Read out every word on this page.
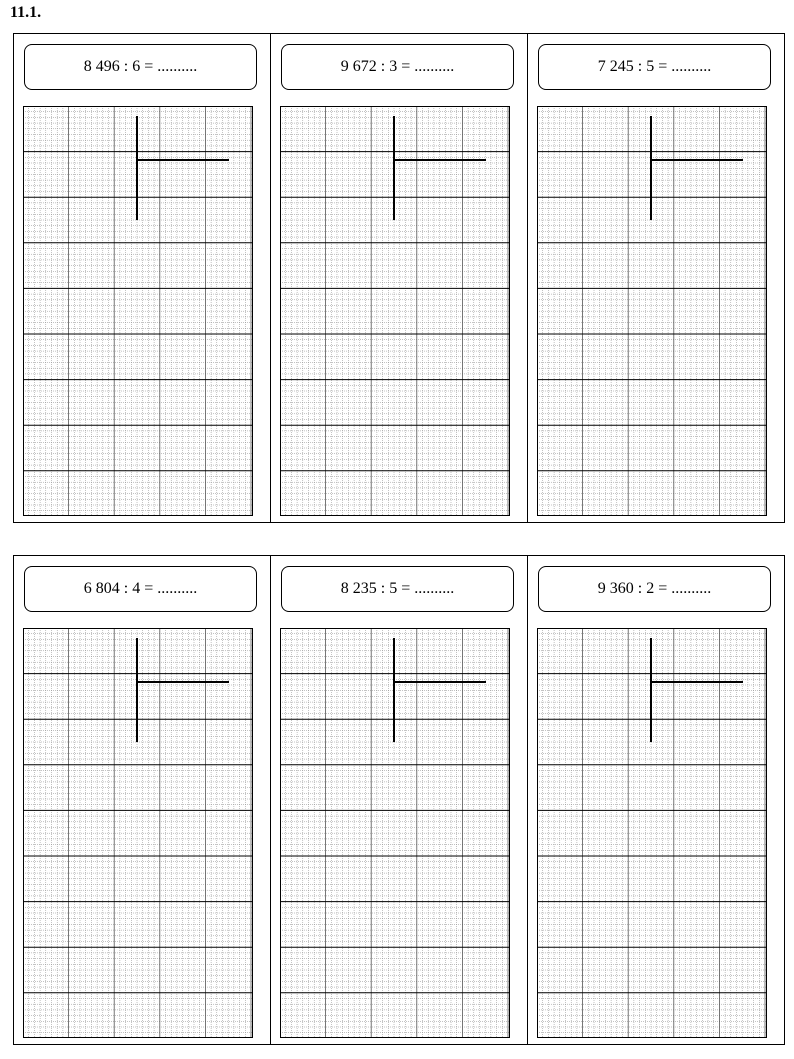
11.1.
8 496 : 6 = ..........	9 672 : 3 = ..........	7 245 : 5 = ..........
6 804 : 4 = ..........	8 235 : 5 = ..........	9 360 : 2 = ..........
